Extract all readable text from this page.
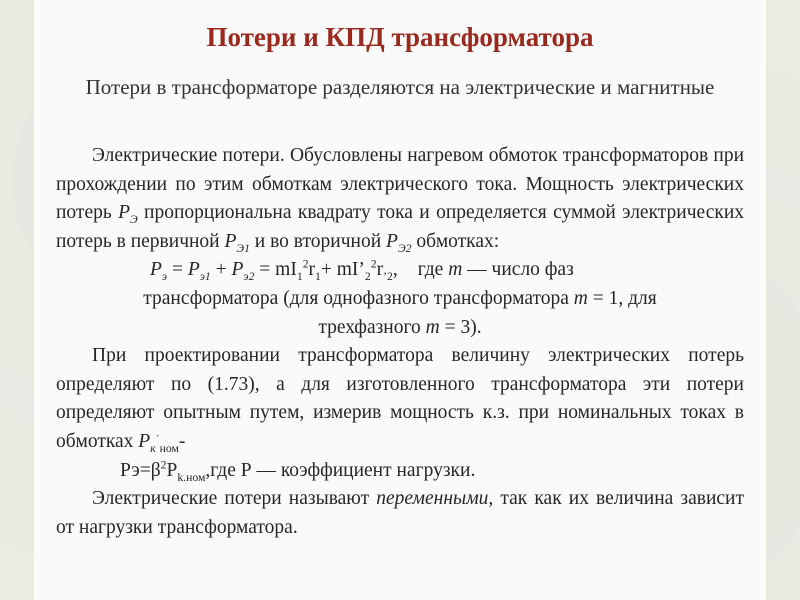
Потери и КПД трансформатора
Потери в трансформаторе разделяются на электрические и магнитные

Электрические потери. Обусловлены нагревом обмоток трансформаторов при прохождении по этим обмоткам электрического тока. Мощность электрических потерь $Р_Э$ пропорциональна квадрату тока и определяется суммой электрических потерь в первичной $Р_{Э1}$ и во вторичной $Р_{Э2}$ обмотках:

$Р_э = Р_{э1} + Р_{э2} = mI_1^2r_1+$ $mI’_2^2r_{’2}$, где т — число фаз

трансформатора (для однофазного трансформатора т = 1, для
трехфазного т = 3).

При проектировании трансформатора величину электрических потерь определяют по (1.73), а для изготовленного трансформатора эти потери определяют опытным путем, измерив мощность к.з. при номинальных токах в обмотках $Р_к^\cdot_{ном}-$

$Рэ=\beta^2P_{k.ном},где$ Р — коэффициент нагрузки.

Электрические потери называют переменными, так как их величина зависит от нагрузки трансформатора.
